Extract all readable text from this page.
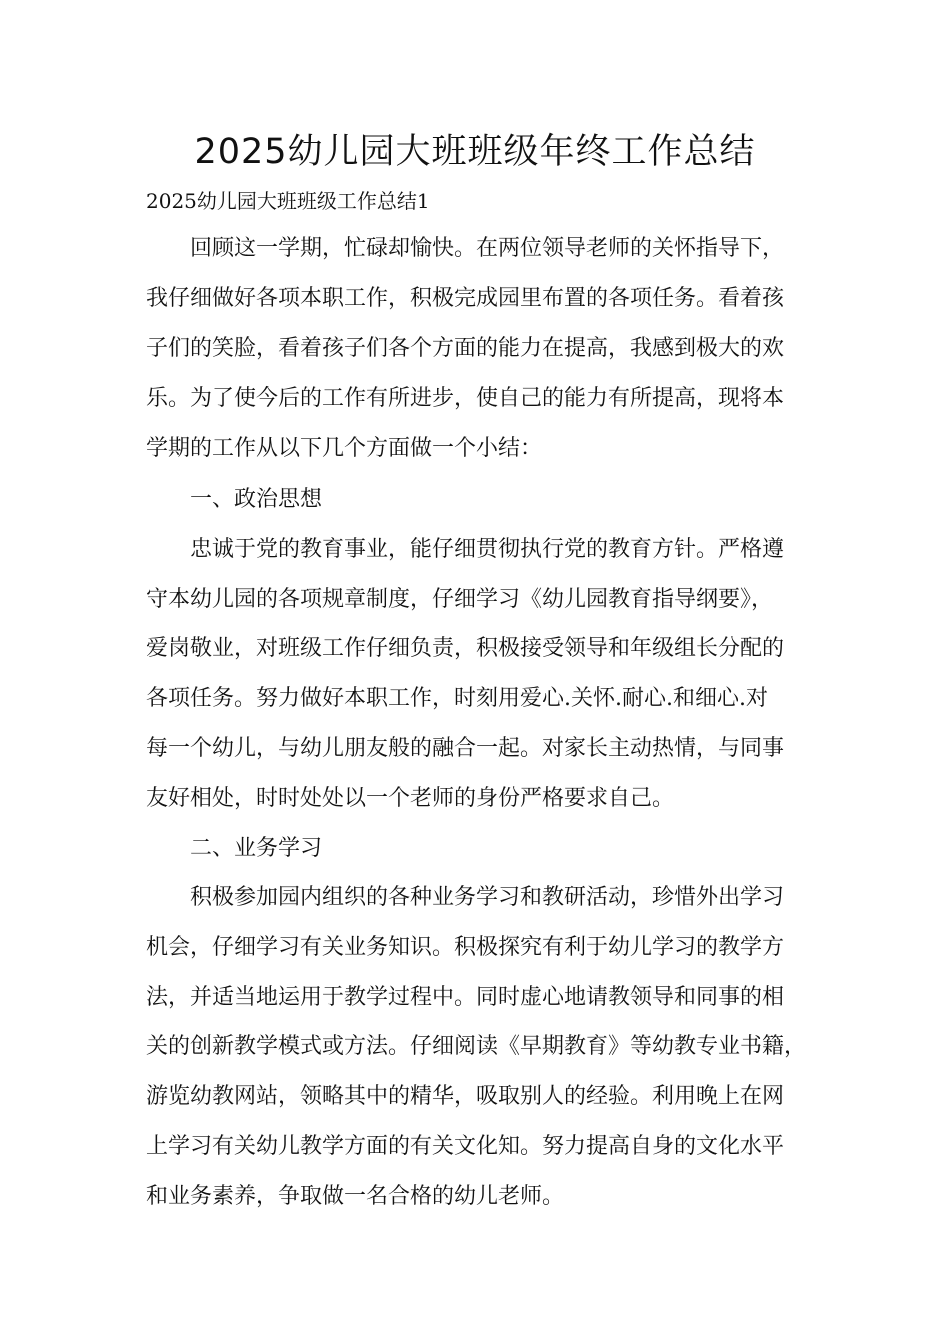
2025幼儿园大班班级年终工作总结
2025幼儿园大班班级工作总结1
回顾这一学期，忙碌却愉快。在两位领导老师的关怀指导下，
我仔细做好各项本职工作，积极完成园里布置的各项任务。看着孩
子们的笑脸，看着孩子们各个方面的能力在提高，我感到极大的欢
乐。为了使今后的工作有所进步，使自己的能力有所提高，现将本
学期的工作从以下几个方面做一个小结：
一、政治思想
忠诚于党的教育事业，能仔细贯彻执行党的教育方针。严格遵
守本幼儿园的各项规章制度，仔细学习《幼儿园教育指导纲要》，
爱岗敬业，对班级工作仔细负责，积极接受领导和年级组长分配的
各项任务。努力做好本职工作，时刻用爱心.关怀.耐心.和细心.对
每一个幼儿，与幼儿朋友般的融合一起。对家长主动热情，与同事
友好相处，时时处处以一个老师的身份严格要求自己。
二、业务学习
积极参加园内组织的各种业务学习和教研活动，珍惜外出学习
机会，仔细学习有关业务知识。积极探究有利于幼儿学习的教学方
法，并适当地运用于教学过程中。同时虚心地请教领导和同事的相
关的创新教学模式或方法。仔细阅读《早期教育》等幼教专业书籍，
游览幼教网站，领略其中的精华，吸取别人的经验。利用晚上在网
上学习有关幼儿教学方面的有关文化知。努力提高自身的文化水平
和业务素养，争取做一名合格的幼儿老师。
